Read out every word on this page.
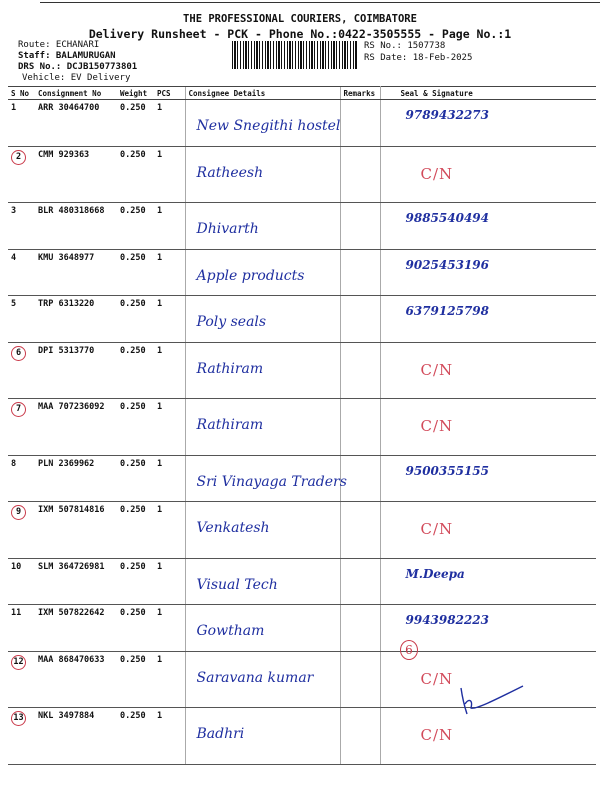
THE PROFESSIONAL COURIERS, COIMBATORE
Delivery Runsheet - PCK - Phone No.:0422-3505555 - Page No.:1
Route: ECHANARI
Staff: BALAMURUGAN
DRS No.: DCJB150773801
Vehicle: EV Delivery
RS No.: 1507738
RS Date: 18-Feb-2025
S No	Consignment No	Weight	PCS	Consignee Details	Remarks	Seal & Signature
1	ARR 30464700	0.250	1	New Snegithi hostel		9789432273
2	CMM 929363	0.250	1	Ratheesh		C/N
3	BLR 480318668	0.250	1	Dhivarth		9885540494
4	KMU 3648977	0.250	1	Apple products		9025453196
5	TRP 6313220	0.250	1	Poly seals		6379125798
6	DPI 5313770	0.250	1	Rathiram		C/N
7	MAA 707236092	0.250	1	Rathiram		C/N
8	PLN 2369962	0.250	1	Sri Vinayaga Traders		9500355155
9	IXM 507814816	0.250	1	Venkatesh		C/N
10	SLM 364726981	0.250	1	Visual Tech		M.Deepa
11	IXM 507822642	0.250	1	Gowtham		9943982223
12	MAA 868470633	0.250	1	Saravana kumar		C/N
13	NKL 3497884	0.250	1	Badhri		C/N
6
